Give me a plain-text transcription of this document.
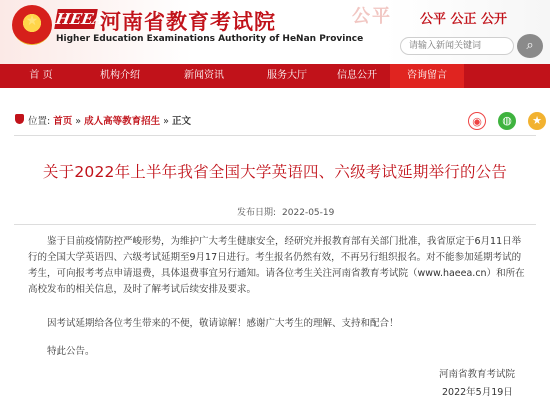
★	HEEA
河南省教育考试院
Higher Education Examinations Authority of HeNan Province
公平 公平 公正 公开
请输入新闻关键词
⌕
首 页	机构介绍	新闻资讯	服务大厅	信息公开	咨询留言
位置: 首页 » 成人高等教育招生 » 正文	◉	◍	★
关于2022年上半年我省全国大学英语四、六级考试延期举行的公告
发布日期: 2022-05-19
鉴于目前疫情防控严峻形势，为维护广大考生健康安全，经研究并报教育部有关部门批准，我省原定于6月11日举行的全国大学英语四、六级考试延期至9月17日进行。考生报名仍然有效，不再另行组织报名。对不能参加延期考试的考生，可向报考考点申请退费，具体退费事宜另行通知。请各位考生关注河南省教育考试院（www.haeea.cn）和所在高校发布的相关信息，及时了解考试后续安排及要求。
因考试延期给各位考生带来的不便，敬请谅解！感谢广大考生的理解、支持和配合！
特此公告。
河南省教育考试院
2022年5月19日
